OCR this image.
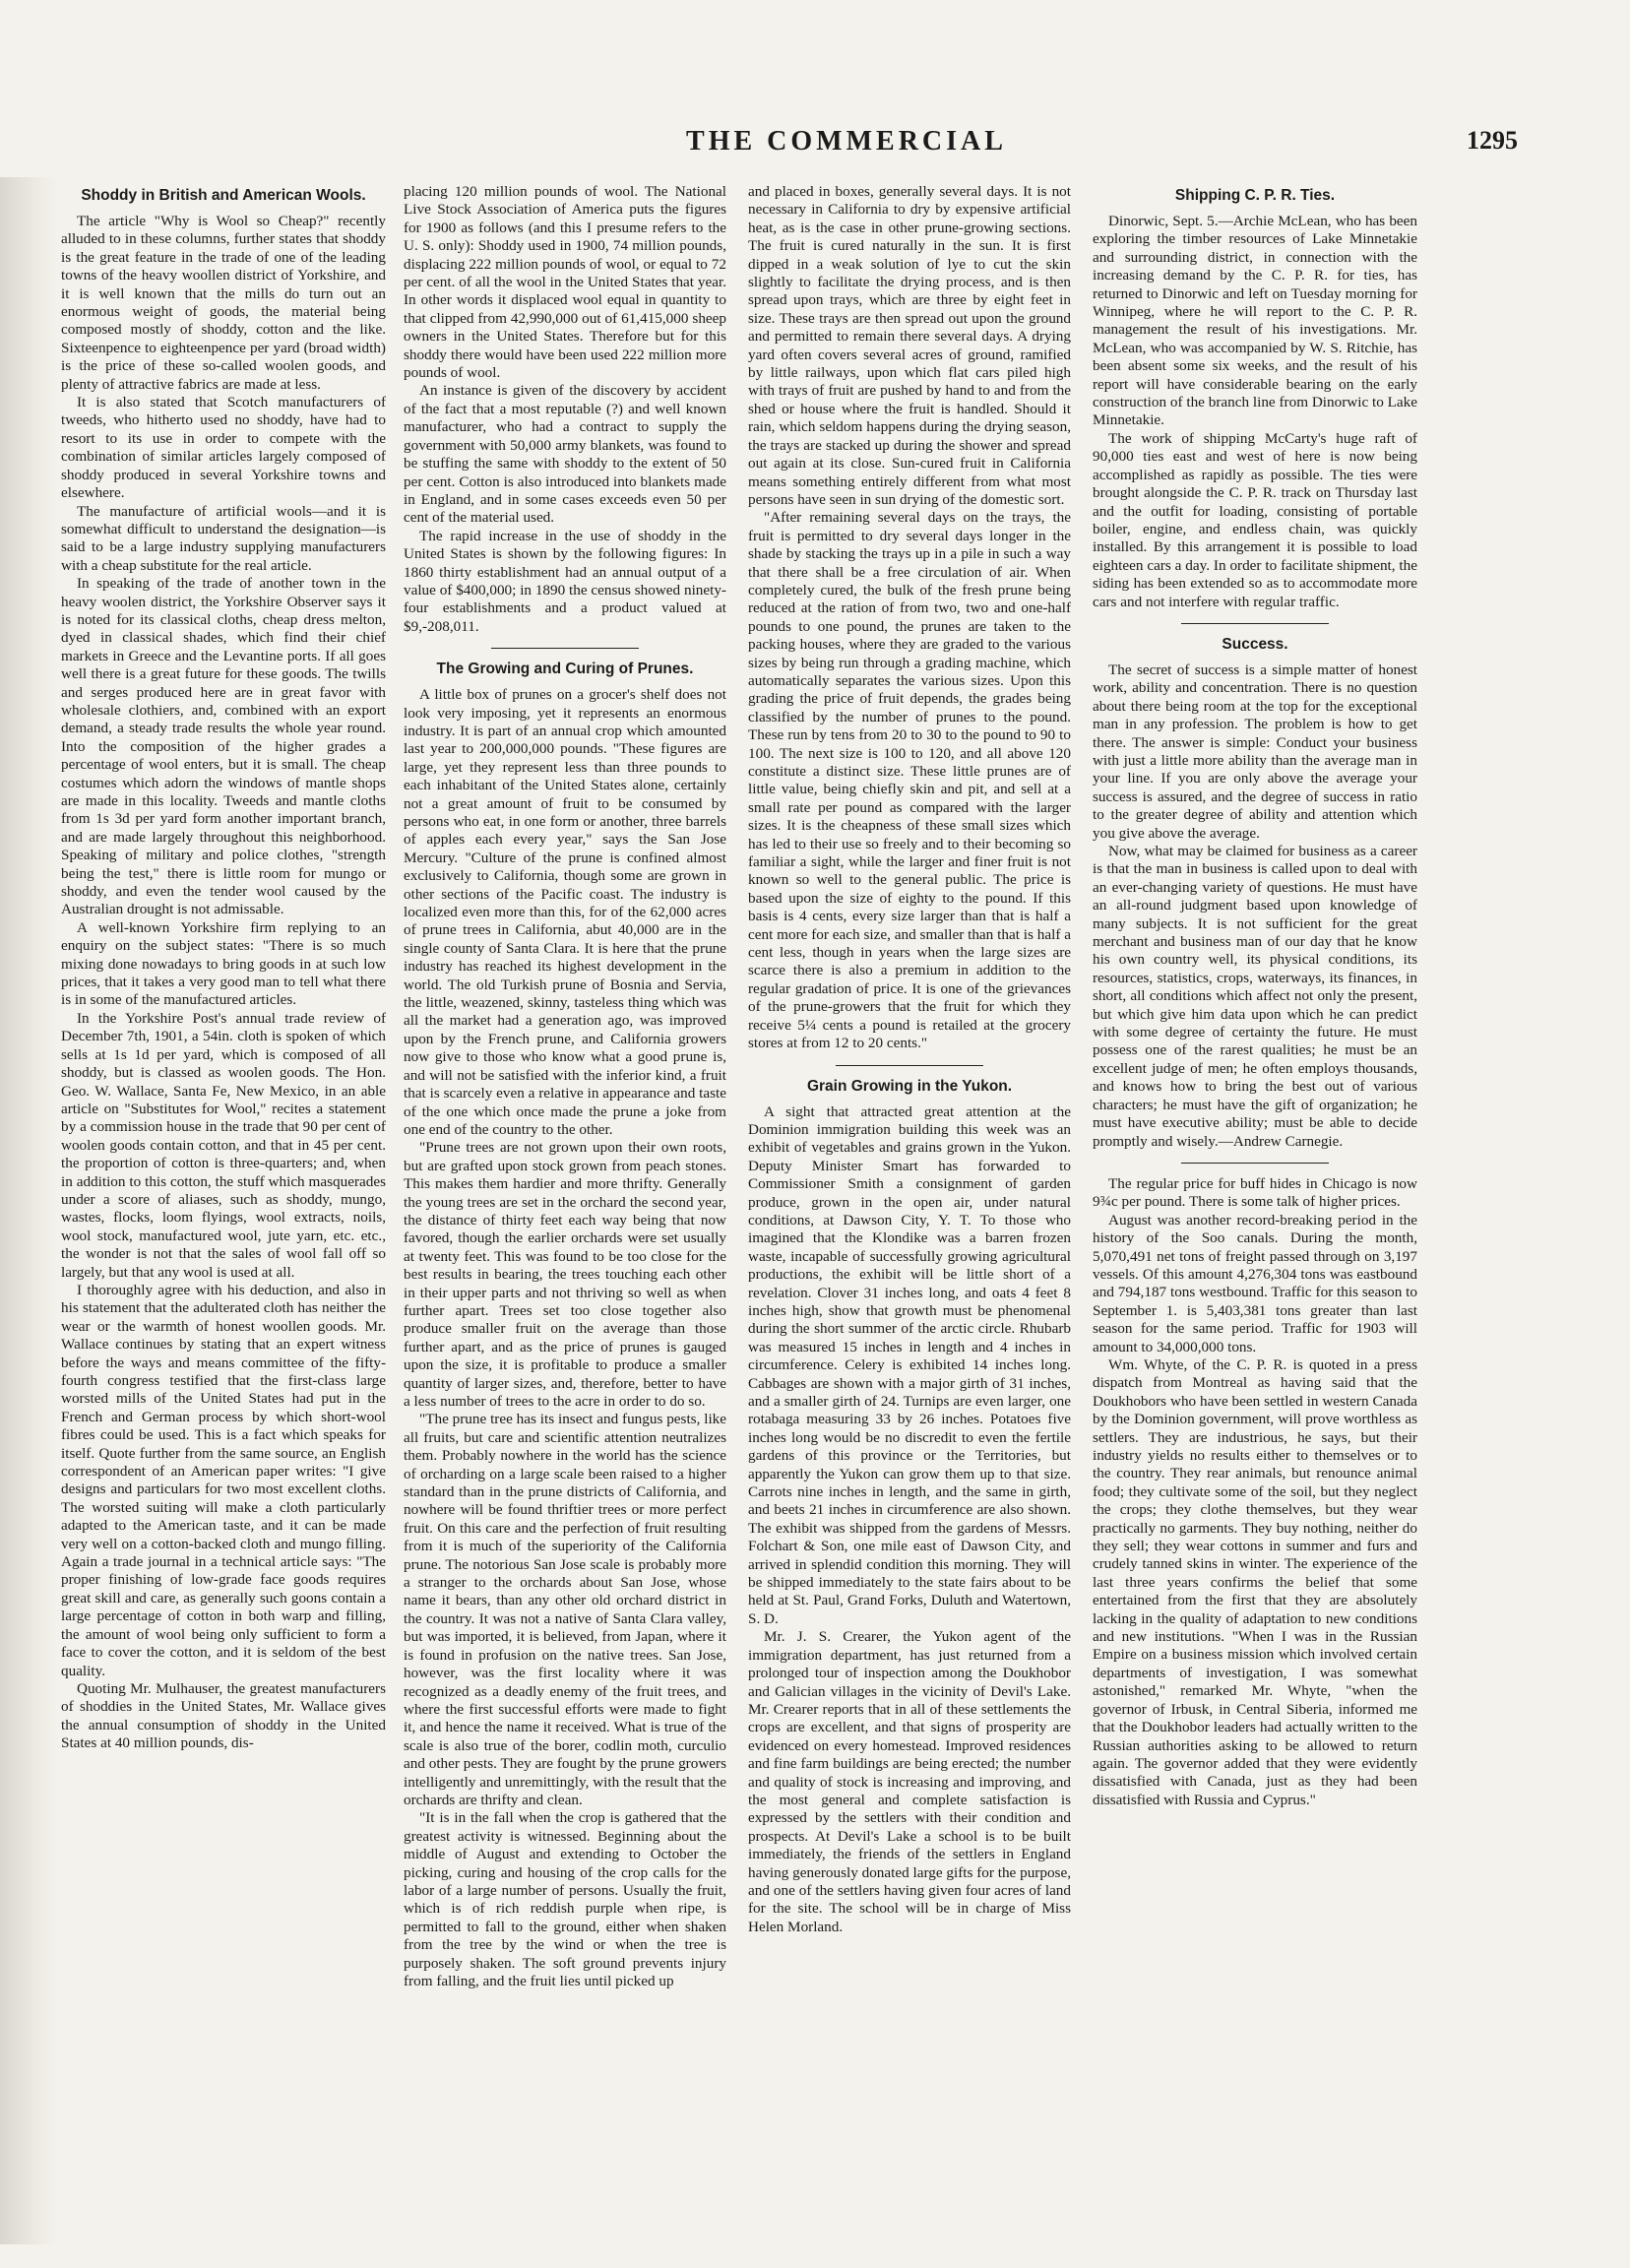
THE COMMERCIAL	1295
Shoddy in British and American Wools.

The article "Why is Wool so Cheap?" recently alluded to in these columns, further states that shoddy is the great feature in the trade of one of the leading towns of the heavy woollen district of Yorkshire, and it is well known that the mills do turn out an enormous weight of goods, the material being composed mostly of shoddy, cotton and the like. Sixteenpence to eighteenpence per yard (broad width) is the price of these so-called woolen goods, and plenty of attractive fabrics are made at less.

It is also stated that Scotch manufacturers of tweeds, who hitherto used no shoddy, have had to resort to its use in order to compete with the combination of similar articles largely composed of shoddy produced in several Yorkshire towns and elsewhere.

The manufacture of artificial wools—and it is somewhat difficult to understand the designation—is said to be a large industry supplying manufacturers with a cheap substitute for the real article.

In speaking of the trade of another town in the heavy woolen district, the Yorkshire Observer says it is noted for its classical cloths, cheap dress melton, dyed in classical shades, which find their chief markets in Greece and the Levantine ports. If all goes well there is a great future for these goods. The twills and serges produced here are in great favor with wholesale clothiers, and, combined with an export demand, a steady trade results the whole year round. Into the composition of the higher grades a percentage of wool enters, but it is small. The cheap costumes which adorn the windows of mantle shops are made in this locality. Tweeds and mantle cloths from 1s 3d per yard form another important branch, and are made largely throughout this neighborhood. Speaking of military and police clothes, "strength being the test," there is little room for mungo or shoddy, and even the tender wool caused by the Australian drought is not admissable.

A well-known Yorkshire firm replying to an enquiry on the subject states: "There is so much mixing done nowadays to bring goods in at such low prices, that it takes a very good man to tell what there is in some of the manufactured articles.

In the Yorkshire Post's annual trade review of December 7th, 1901, a 54in. cloth is spoken of which sells at 1s 1d per yard, which is composed of all shoddy, but is classed as woolen goods. The Hon. Geo. W. Wallace, Santa Fe, New Mexico, in an able article on "Substitutes for Wool," recites a statement by a commission house in the trade that 90 per cent of woolen goods contain cotton, and that in 45 per cent. the proportion of cotton is three-quarters; and, when in addition to this cotton, the stuff which masquerades under a score of aliases, such as shoddy, mungo, wastes, flocks, loom flyings, wool extracts, noils, wool stock, manufactured wool, jute yarn, etc. etc., the wonder is not that the sales of wool fall off so largely, but that any wool is used at all.

I thoroughly agree with his deduction, and also in his statement that the adulterated cloth has neither the wear or the warmth of honest woollen goods. Mr. Wallace continues by stating that an expert witness before the ways and means committee of the fifty-fourth congress testified that the first-class large worsted mills of the United States had put in the French and German process by which short-wool fibres could be used. This is a fact which speaks for itself. Quote further from the same source, an English correspondent of an American paper writes: "I give designs and particulars for two most excellent cloths. The worsted suiting will make a cloth particularly adapted to the American taste, and it can be made very well on a cotton-backed cloth and mungo filling. Again a trade journal in a technical article says: "The proper finishing of low-grade face goods requires great skill and care, as generally such goons contain a large percentage of cotton in both warp and filling, the amount of wool being only sufficient to form a face to cover the cotton, and it is seldom of the best quality.

Quoting Mr. Mulhauser, the greatest manufacturers of shoddies in the United States, Mr. Wallace gives the annual consumption of shoddy in the United States at 40 million pounds, dis-

placing 120 million pounds of wool. The National Live Stock Association of America puts the figures for 1900 as follows (and this I presume refers to the U. S. only): Shoddy used in 1900, 74 million pounds, displacing 222 million pounds of wool, or equal to 72 per cent. of all the wool in the United States that year. In other words it displaced wool equal in quantity to that clipped from 42,990,000 out of 61,415,000 sheep owners in the United States. Therefore but for this shoddy there would have been used 222 million more pounds of wool.

An instance is given of the discovery by accident of the fact that a most reputable (?) and well known manufacturer, who had a contract to supply the government with 50,000 army blankets, was found to be stuffing the same with shoddy to the extent of 50 per cent. Cotton is also introduced into blankets made in England, and in some cases exceeds even 50 per cent of the material used.

The rapid increase in the use of shoddy in the United States is shown by the following figures: In 1860 thirty establishment had an annual output of a value of $400,000; in 1890 the census showed ninety-four establishments and a product valued at $9,-208,011.

The Growing and Curing of Prunes.

A little box of prunes on a grocer's shelf does not look very imposing, yet it represents an enormous industry. It is part of an annual crop which amounted last year to 200,000,000 pounds. "These figures are large, yet they represent less than three pounds to each inhabitant of the United States alone, certainly not a great amount of fruit to be consumed by persons who eat, in one form or another, three barrels of apples each every year," says the San Jose Mercury. "Culture of the prune is confined almost exclusively to California, though some are grown in other sections of the Pacific coast. The industry is localized even more than this, for of the 62,000 acres of prune trees in California, abut 40,000 are in the single county of Santa Clara. It is here that the prune industry has reached its highest development in the world. The old Turkish prune of Bosnia and Servia, the little, weazened, skinny, tasteless thing which was all the market had a generation ago, was improved upon by the French prune, and California growers now give to those who know what a good prune is, and will not be satisfied with the inferior kind, a fruit that is scarcely even a relative in appearance and taste of the one which once made the prune a joke from one end of the country to the other.

"Prune trees are not grown upon their own roots, but are grafted upon stock grown from peach stones. This makes them hardier and more thrifty. Generally the young trees are set in the orchard the second year, the distance of thirty feet each way being that now favored, though the earlier orchards were set usually at twenty feet. This was found to be too close for the best results in bearing, the trees touching each other in their upper parts and not thriving so well as when further apart. Trees set too close together also produce smaller fruit on the average than those further apart, and as the price of prunes is gauged upon the size, it is profitable to produce a smaller quantity of larger sizes, and, therefore, better to have a less number of trees to the acre in order to do so.

"The prune tree has its insect and fungus pests, like all fruits, but care and scientific attention neutralizes them. Probably nowhere in the world has the science of orcharding on a large scale been raised to a higher standard than in the prune districts of California, and nowhere will be found thriftier trees or more perfect fruit. On this care and the perfection of fruit resulting from it is much of the superiority of the California prune. The notorious San Jose scale is probably more a stranger to the orchards about San Jose, whose name it bears, than any other old orchard district in the country. It was not a native of Santa Clara valley, but was imported, it is believed, from Japan, where it is found in profusion on the native trees. San Jose, however, was the first locality where it was recognized as a deadly enemy of the fruit trees, and where the first successful efforts were made to fight it, and hence the name it received. What is true of the scale is also true of the borer, codlin moth, curculio and other pests. They are fought by the prune growers intelligently and unremittingly, with the result that the orchards are thrifty and clean.

"It is in the fall when the crop is gathered that the greatest activity is witnessed. Beginning about the middle of August and extending to October the picking, curing and housing of the crop calls for the labor of a large number of persons. Usually the fruit, which is of rich reddish purple when ripe, is permitted to fall to the ground, either when shaken from the tree by the wind or when the tree is purposely shaken. The soft ground prevents injury from falling, and the fruit lies until picked up

and placed in boxes, generally several days. It is not necessary in California to dry by expensive artificial heat, as is the case in other prune-growing sections. The fruit is cured naturally in the sun. It is first dipped in a weak solution of lye to cut the skin slightly to facilitate the drying process, and is then spread upon trays, which are three by eight feet in size. These trays are then spread out upon the ground and permitted to remain there several days. A drying yard often covers several acres of ground, ramified by little railways, upon which flat cars piled high with trays of fruit are pushed by hand to and from the shed or house where the fruit is handled. Should it rain, which seldom happens during the drying season, the trays are stacked up during the shower and spread out again at its close. Sun-cured fruit in California means something entirely different from what most persons have seen in sun drying of the domestic sort.

"After remaining several days on the trays, the fruit is permitted to dry several days longer in the shade by stacking the trays up in a pile in such a way that there shall be a free circulation of air. When completely cured, the bulk of the fresh prune being reduced at the ration of from two, two and one-half pounds to one pound, the prunes are taken to the packing houses, where they are graded to the various sizes by being run through a grading machine, which automatically separates the various sizes. Upon this grading the price of fruit depends, the grades being classified by the number of prunes to the pound. These run by tens from 20 to 30 to the pound to 90 to 100. The next size is 100 to 120, and all above 120 constitute a distinct size. These little prunes are of little value, being chiefly skin and pit, and sell at a small rate per pound as compared with the larger sizes. It is the cheapness of these small sizes which has led to their use so freely and to their becoming so familiar a sight, while the larger and finer fruit is not known so well to the general public. The price is based upon the size of eighty to the pound. If this basis is 4 cents, every size larger than that is half a cent more for each size, and smaller than that is half a cent less, though in years when the large sizes are scarce there is also a premium in addition to the regular gradation of price. It is one of the grievances of the prune-growers that the fruit for which they receive 5¼ cents a pound is retailed at the grocery stores at from 12 to 20 cents."

Grain Growing in the Yukon.

A sight that attracted great attention at the Dominion immigration building this week was an exhibit of vegetables and grains grown in the Yukon. Deputy Minister Smart has forwarded to Commissioner Smith a consignment of garden produce, grown in the open air, under natural conditions, at Dawson City, Y. T. To those who imagined that the Klondike was a barren frozen waste, incapable of successfully growing agricultural productions, the exhibit will be little short of a revelation. Clover 31 inches long, and oats 4 feet 8 inches high, show that growth must be phenomenal during the short summer of the arctic circle. Rhubarb was measured 15 inches in length and 4 inches in circumference. Celery is exhibited 14 inches long. Cabbages are shown with a major girth of 31 inches, and a smaller girth of 24. Turnips are even larger, one rotabaga measuring 33 by 26 inches. Potatoes five inches long would be no discredit to even the fertile gardens of this province or the Territories, but apparently the Yukon can grow them up to that size. Carrots nine inches in length, and the same in girth, and beets 21 inches in circumference are also shown. The exhibit was shipped from the gardens of Messrs. Folchart & Son, one mile east of Dawson City, and arrived in splendid condition this morning. They will be shipped immediately to the state fairs about to be held at St. Paul, Grand Forks, Duluth and Watertown, S. D.

Mr. J. S. Crearer, the Yukon agent of the immigration department, has just returned from a prolonged tour of inspection among the Doukhobor and Galician villages in the vicinity of Devil's Lake. Mr. Crearer reports that in all of these settlements the crops are excellent, and that signs of prosperity are evidenced on every homestead. Improved residences and fine farm buildings are being erected; the number and quality of stock is increasing and improving, and the most general and complete satisfaction is expressed by the settlers with their condition and prospects. At Devil's Lake a school is to be built immediately, the friends of the settlers in England having generously donated large gifts for the purpose, and one of the settlers having given four acres of land for the site. The school will be in charge of Miss Helen Morland.

Shipping C. P. R. Ties.

Dinorwic, Sept. 5.—Archie McLean, who has been exploring the timber resources of Lake Minnetakie and surrounding district, in connection with the increasing demand by the C. P. R. for ties, has returned to Dinorwic and left on Tuesday morning for Winnipeg, where he will report to the C. P. R. management the result of his investigations. Mr. McLean, who was accompanied by W. S. Ritchie, has been absent some six weeks, and the result of his report will have considerable bearing on the early construction of the branch line from Dinorwic to Lake Minnetakie.

The work of shipping McCarty's huge raft of 90,000 ties east and west of here is now being accomplished as rapidly as possible. The ties were brought alongside the C. P. R. track on Thursday last and the outfit for loading, consisting of portable boiler, engine, and endless chain, was quickly installed. By this arrangement it is possible to load eighteen cars a day. In order to facilitate shipment, the siding has been extended so as to accommodate more cars and not interfere with regular traffic.

Success.

The secret of success is a simple matter of honest work, ability and concentration. There is no question about there being room at the top for the exceptional man in any profession. The problem is how to get there. The answer is simple: Conduct your business with just a little more ability than the average man in your line. If you are only above the average your success is assured, and the degree of success in ratio to the greater degree of ability and attention which you give above the average.

Now, what may be claimed for business as a career is that the man in business is called upon to deal with an ever-changing variety of questions. He must have an all-round judgment based upon knowledge of many subjects. It is not sufficient for the great merchant and business man of our day that he know his own country well, its physical conditions, its resources, statistics, crops, waterways, its finances, in short, all conditions which affect not only the present, but which give him data upon which he can predict with some degree of certainty the future. He must possess one of the rarest qualities; he must be an excellent judge of men; he often employs thousands, and knows how to bring the best out of various characters; he must have the gift of organization; he must have executive ability; must be able to decide promptly and wisely.—Andrew Carnegie.

The regular price for buff hides in Chicago is now 9¾c per pound. There is some talk of higher prices.

August was another record-breaking period in the history of the Soo canals. During the month, 5,070,491 net tons of freight passed through on 3,197 vessels. Of this amount 4,276,304 tons was eastbound and 794,187 tons westbound. Traffic for this season to September 1. is 5,403,381 tons greater than last season for the same period. Traffic for 1903 will amount to 34,000,000 tons.

Wm. Whyte, of the C. P. R. is quoted in a press dispatch from Montreal as having said that the Doukhobors who have been settled in western Canada by the Dominion government, will prove worthless as settlers. They are industrious, he says, but their industry yields no results either to themselves or to the country. They rear animals, but renounce animal food; they cultivate some of the soil, but they neglect the crops; they clothe themselves, but they wear practically no garments. They buy nothing, neither do they sell; they wear cottons in summer and furs and crudely tanned skins in winter. The experience of the last three years confirms the belief that some entertained from the first that they are absolutely lacking in the quality of adaptation to new conditions and new institutions. "When I was in the Russian Empire on a business mission which involved certain departments of investigation, I was somewhat astonished," remarked Mr. Whyte, "when the governor of Irbusk, in Central Siberia, informed me that the Doukhobor leaders had actually written to the Russian authorities asking to be allowed to return again. The governor added that they were evidently dissatisfied with Canada, just as they had been dissatisfied with Russia and Cyprus."
